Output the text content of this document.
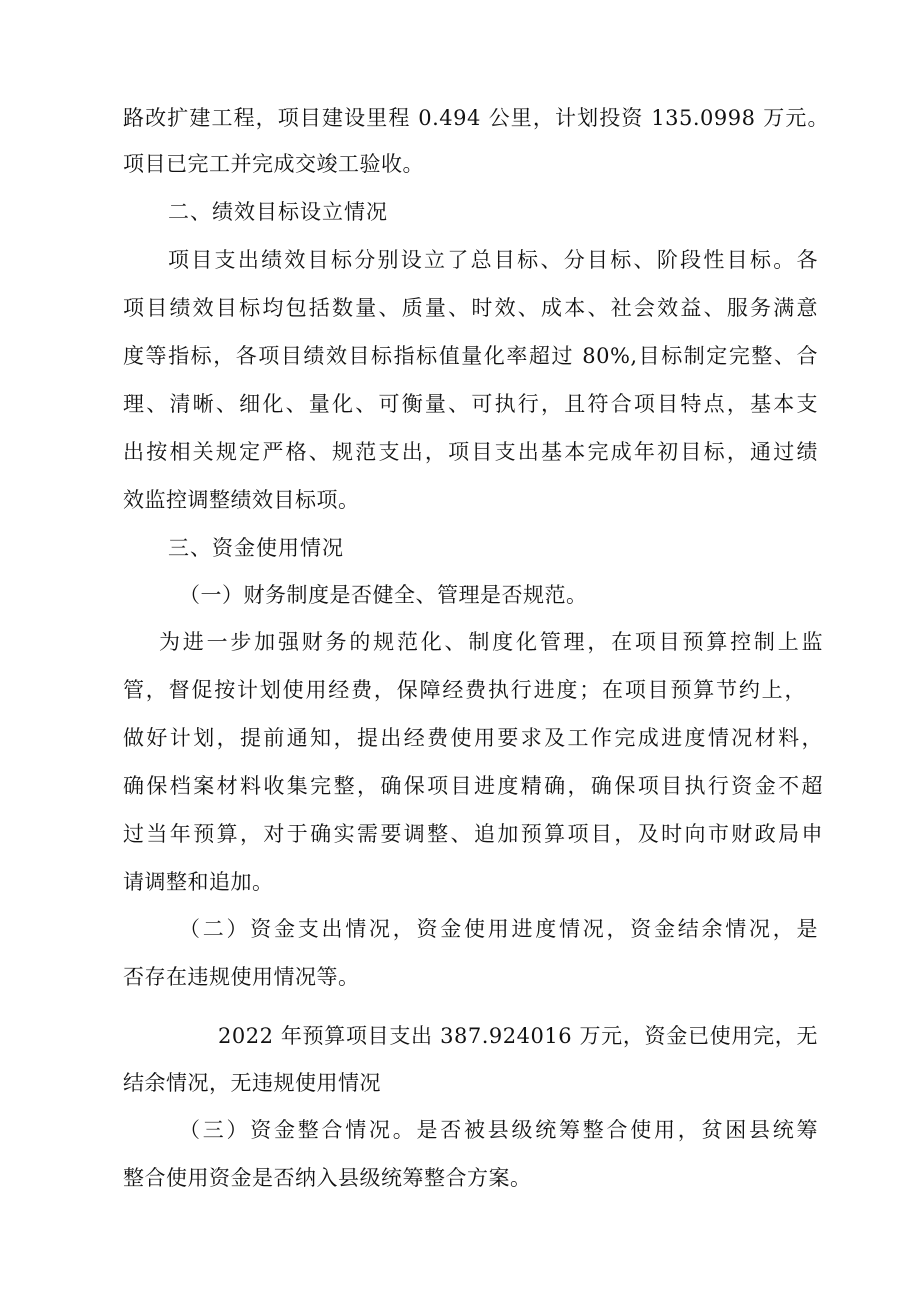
路改扩建工程，项目建设里程 0.494 公里，计划投资 135.0998 万元。
项目已完工并完成交竣工验收。
二、绩效目标设立情况
项目支出绩效目标分别设立了总目标、分目标、阶段性目标。各
项目绩效目标均包括数量、质量、时效、成本、社会效益、服务满意
度等指标，各项目绩效目标指标值量化率超过 80%,目标制定完整、合
理、清晰、细化、量化、可衡量、可执行，且符合项目特点，基本支
出按相关规定严格、规范支出，项目支出基本完成年初目标，通过绩
效监控调整绩效目标项。
三、资金使用情况
（一）财务制度是否健全、管理是否规范。
为进一步加强财务的规范化、制度化管理，在项目预算控制上监
管，督促按计划使用经费，保障经费执行进度；在项目预算节约上，
做好计划，提前通知，提出经费使用要求及工作完成进度情况材料，
确保档案材料收集完整，确保项目进度精确，确保项目执行资金不超
过当年预算，对于确实需要调整、追加预算项目，及时向市财政局申
请调整和追加。
（二）资金支出情况，资金使用进度情况，资金结余情况，是
否存在违规使用情况等。
2022 年预算项目支出 387.924016 万元，资金已使用完，无
结余情况，无违规使用情况
（三）资金整合情况。是否被县级统筹整合使用，贫困县统筹
整合使用资金是否纳入县级统筹整合方案。
